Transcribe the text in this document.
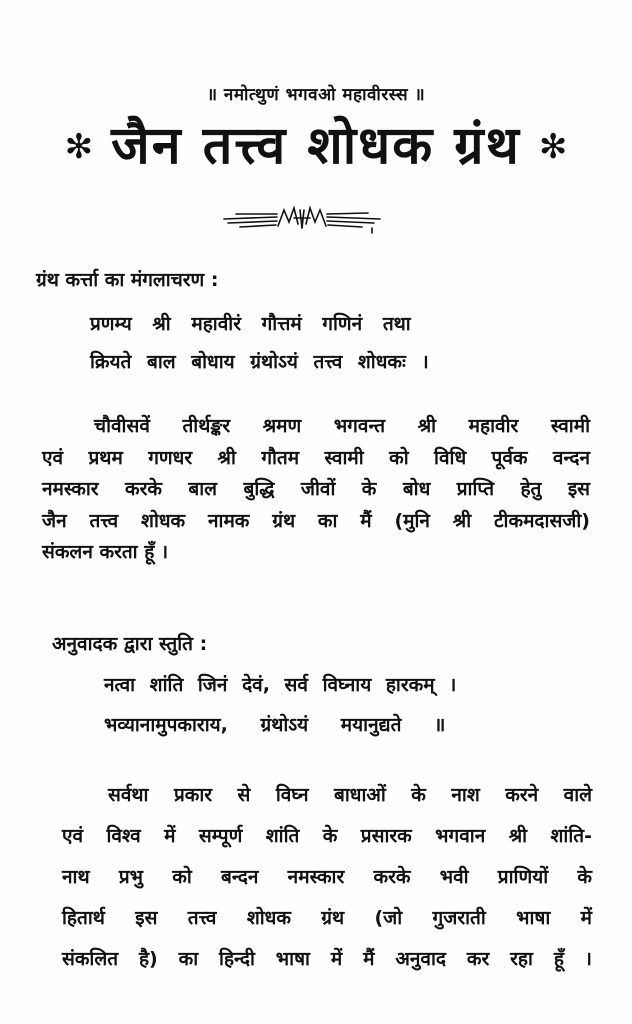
॥ नमोत्थुणं भगवओ महावीरस्स ॥
✻ जैन तत्त्व शोधक ग्रंथ ✻
ग्रंथ कर्त्ता का मंगलाचरण :
प्रणम्य श्री महावीरं गौत्तमं गणिनं तथा
क्रियते बाल बोधाय ग्रंथोऽयं तत्त्व शोधकः ।
चौवीसवें तीर्थङ्कर श्रमण भगवन्त श्री महावीर स्वामी
एवं प्रथम गणधर श्री गौतम स्वामी को विधि पूर्वक वन्दन
नमस्कार करके बाल बुद्धि जीवों के बोध प्राप्ति हेतु इस
जैन तत्त्व शोधक नामक ग्रंथ का मैं (मुनि श्री टीकमदासजी)
संकलन करता हूँ ।
अनुवादक द्वारा स्तुति :
नत्वा शांति जिनं देवं, सर्व विघ्नाय हारकम् ।
भव्यानामुपकाराय, ग्रंथोऽयं मयानुद्यते ॥
सर्वथा प्रकार से विघ्न बाधाओं के नाश करने वाले
एवं विश्व में सम्पूर्ण शांति के प्रसारक भगवान श्री शांति-
नाथ प्रभु को बन्दन नमस्कार करके भवी प्राणियों के
हितार्थ इस तत्त्व शोधक ग्रंथ (जो गुजराती भाषा में
संकलित है) का हिन्दी भाषा में मैं अनुवाद कर रहा हूँ ।
